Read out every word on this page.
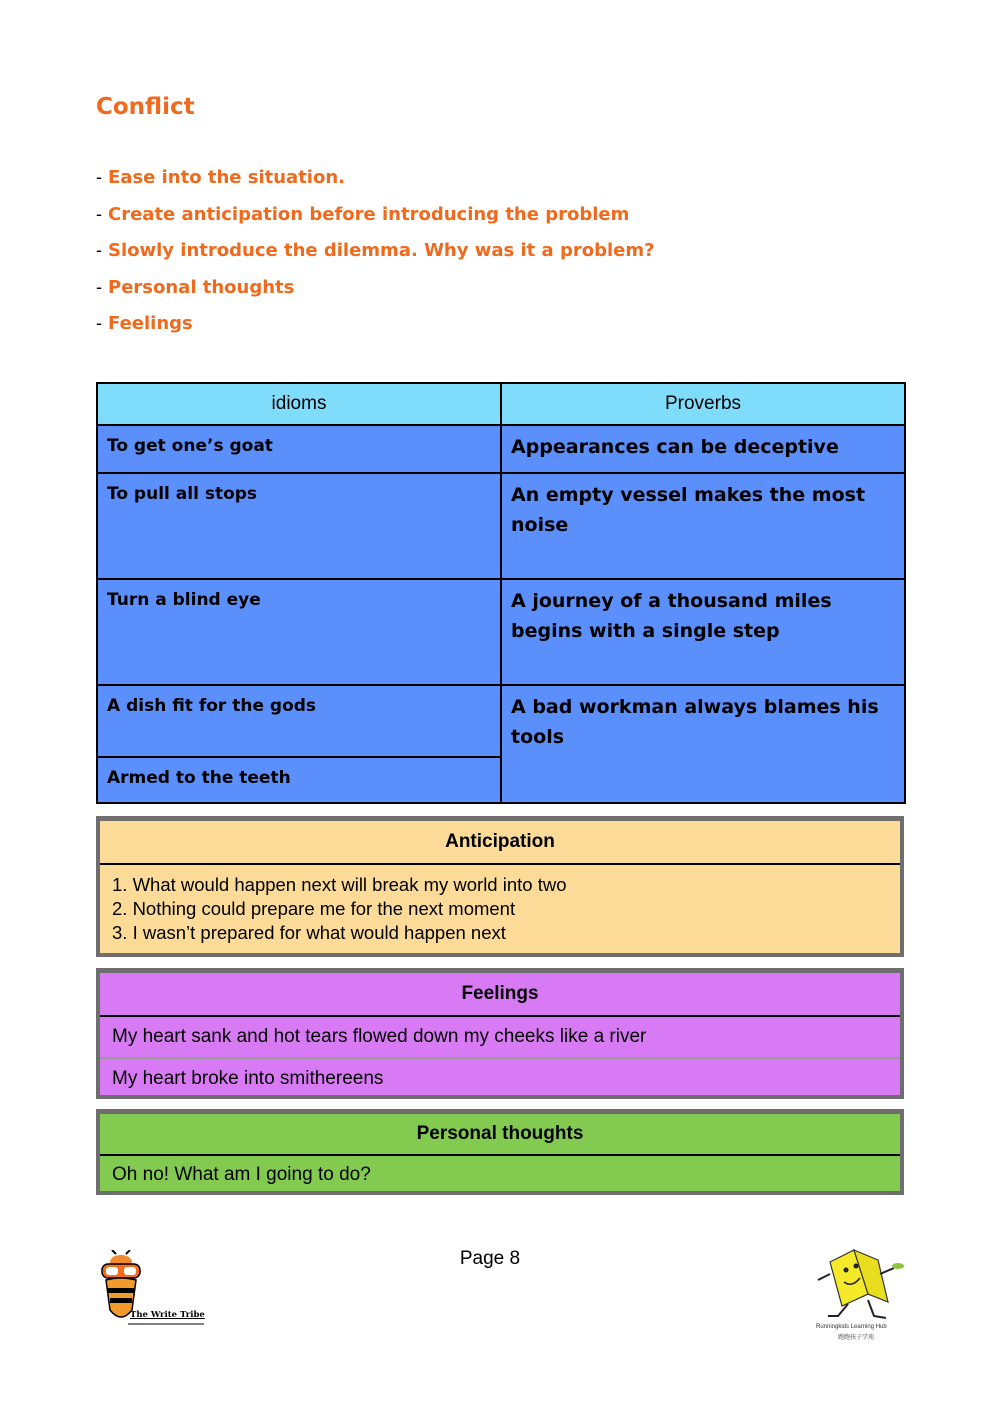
Conflict
- Ease into the situation.
- Create anticipation before introducing the problem
- Slowly introduce the dilemma. Why was it a problem?
- Personal thoughts
- Feelings
idioms	Proverbs
To get one’s goat	Appearances can be deceptive
To pull all stops	An empty vessel makes the most noise
Turn a blind eye	A journey of a thousand miles begins with a single step
A dish fit for the gods	A bad workman always blames his tools
Armed to the teeth	
Anticipation
1. What would happen next will break my world into two
2. Nothing could prepare me for the next moment
3. I wasn’t prepared for what would happen next
Feelings
My heart sank and hot tears flowed down my cheeks like a river
My heart broke into smithereens
Personal thoughts
Oh no! What am I going to do?
Page 8
The Write Tribe
Runningkids Learning Hub
跑跑孩子学苑
